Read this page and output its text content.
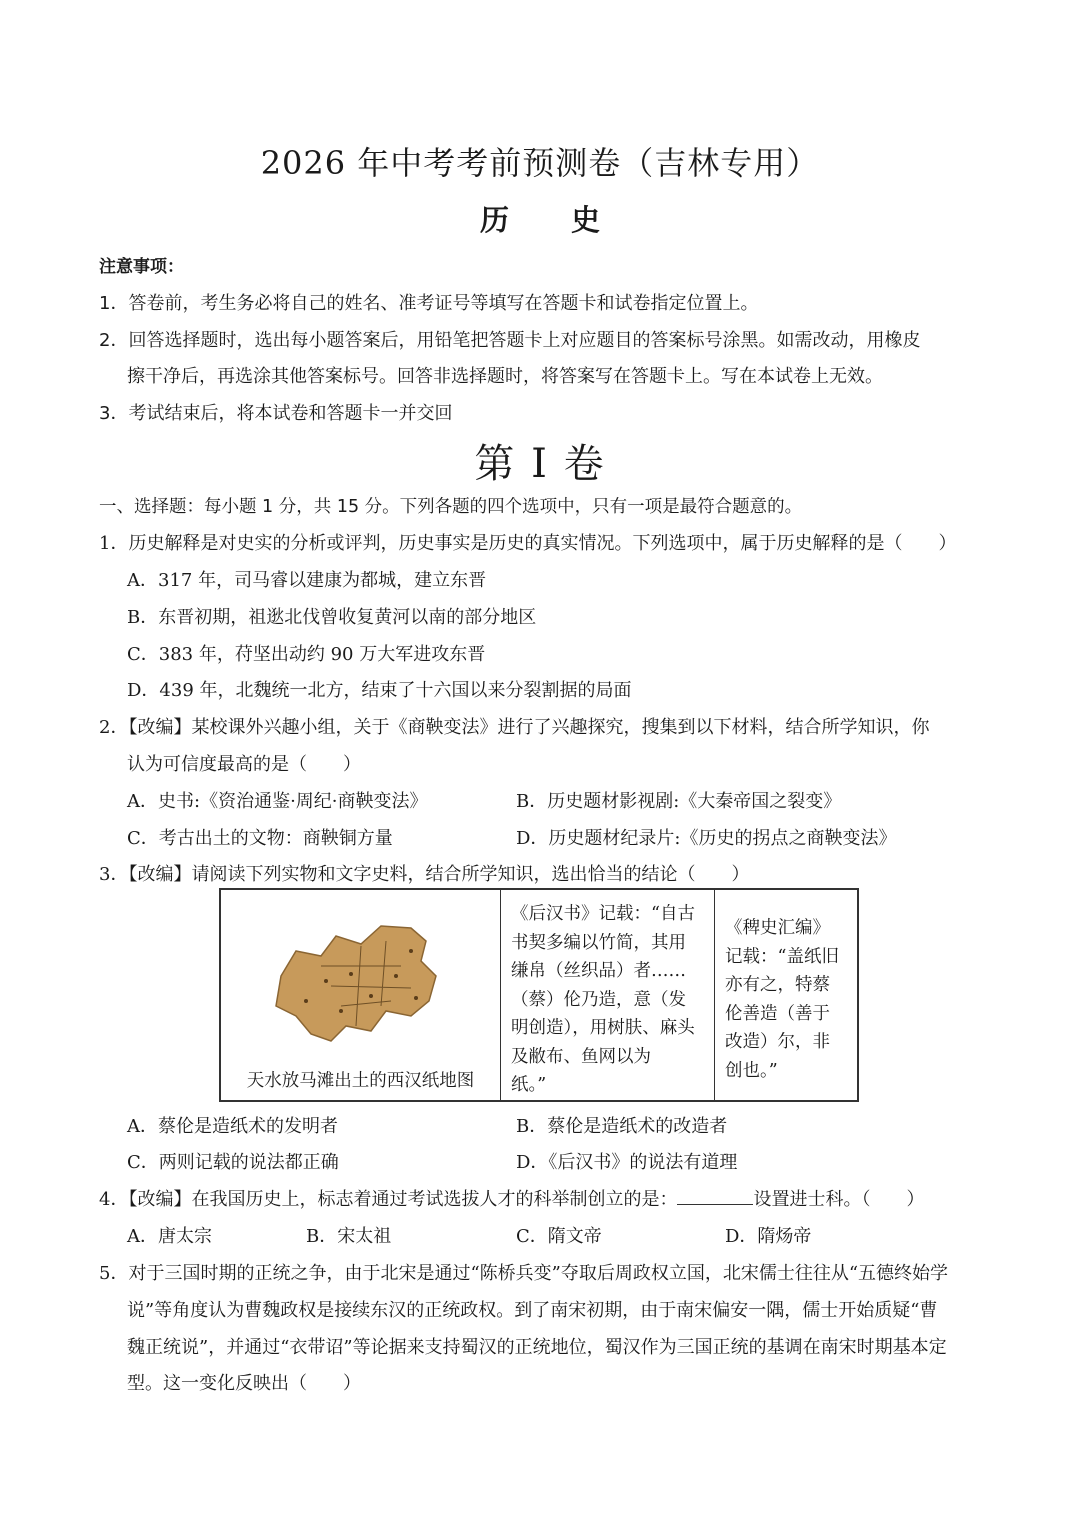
2026 年中考考前预测卷（吉林专用）
历 史
注意事项：
1．答卷前，考生务必将自己的姓名、准考证号等填写在答题卡和试卷指定位置上。
2．回答选择题时，选出每小题答案后，用铅笔把答题卡上对应题目的答案标号涂黑。如需改动，用橡皮
擦干净后，再选涂其他答案标号。回答非选择题时，将答案写在答题卡上。写在本试卷上无效。
3．考试结束后，将本试卷和答题卡一并交回
第 I 卷
一、选择题：每小题 1 分，共 15 分。下列各题的四个选项中，只有一项是最符合题意的。
1．历史解释是对史实的分析或评判，历史事实是历史的真实情况。下列选项中，属于历史解释的是（　　）
A．317 年，司马睿以建康为都城，建立东晋
B．东晋初期，祖逖北伐曾收复黄河以南的部分地区
C．383 年，苻坚出动约 90 万大军进攻东晋
D．439 年，北魏统一北方，结束了十六国以来分裂割据的局面
2．【改编】某校课外兴趣小组，关于《商鞅变法》进行了兴趣探究，搜集到以下材料，结合所学知识，你
认为可信度最高的是（　　）
A．史书:《资治通鉴·周纪·商鞅变法》	B．历史题材影视剧:《大秦帝国之裂变》
C．考古出土的文物：商鞅铜方量	D．历史题材纪录片:《历史的拐点之商鞅变法》
3．【改编】请阅读下列实物和文字史料，结合所学知识，选出恰当的结论（　　）
天水放马滩出土的西汉纸地图

《后汉书》记载：“自古
书契多编以竹简，其用
缣帛（丝织品）者……
（蔡）伦乃造，意（发
明创造），用树肤、麻头
及敝布、鱼网以为
纸。”

《稗史汇编》
记载：“盖纸旧
亦有之，特蔡
伦善造（善于
改造）尔，非
创也。”
A．蔡伦是造纸术的发明者	B．蔡伦是造纸术的改造者
C．两则记载的说法都正确	D．《后汉书》的说法有道理
4．【改编】在我国历史上，标志着通过考试选拔人才的科举制创立的是：	设置进士科。（　　）
A．唐太宗	B．宋太祖	C．隋文帝	D．隋炀帝
5．对于三国时期的正统之争，由于北宋是通过“陈桥兵变”夺取后周政权立国，北宋儒士往往从“五德终始学
说”等角度认为曹魏政权是接续东汉的正统政权。到了南宋初期，由于南宋偏安一隅，儒士开始质疑“曹
魏正统说”，并通过“衣带诏”等论据来支持蜀汉的正统地位，蜀汉作为三国正统的基调在南宋时期基本定
型。这一变化反映出（　　）
